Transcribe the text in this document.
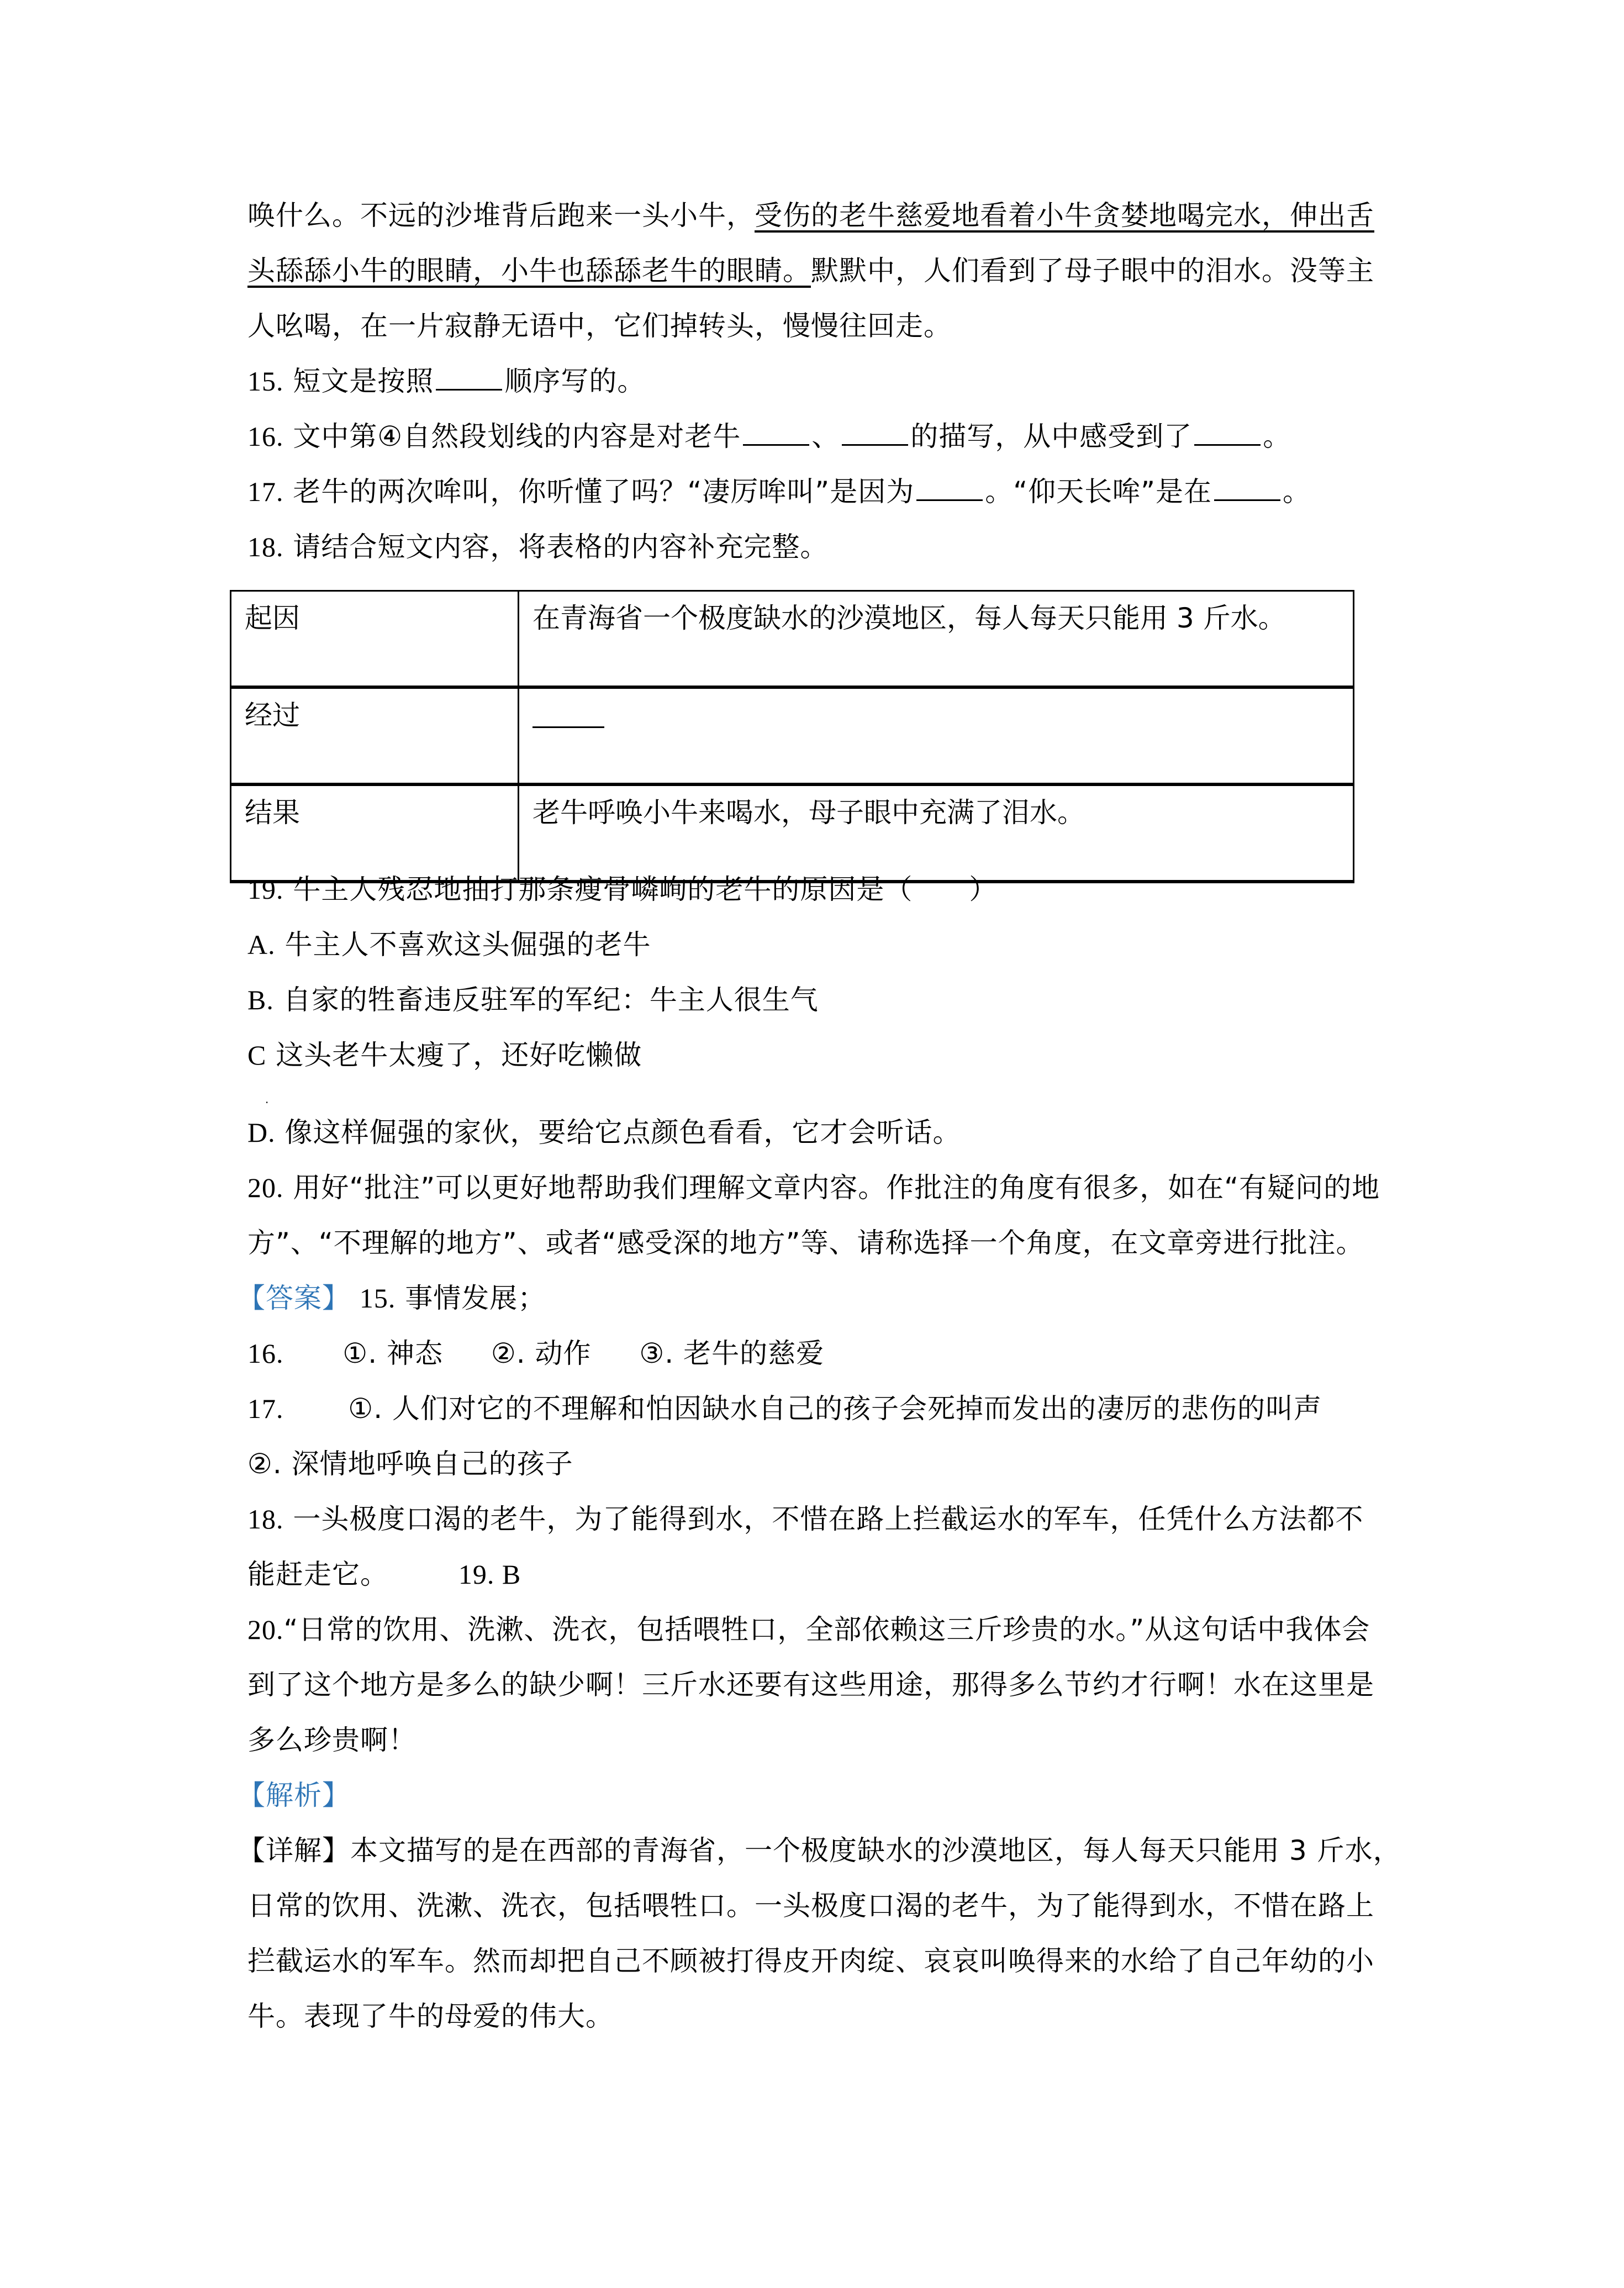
唤什么。不远的沙堆背后跑来一头小牛，受伤的老牛慈爱地看着小牛贪婪地喝完水，伸出舌
头舔舔小牛的眼睛，小牛也舔舔老牛的眼睛。默默中，人们看到了母子眼中的泪水。没等主
人吆喝，在一片寂静无语中，它们掉转头，慢慢往回走。
15. 短文是按照	顺序写的。
16. 文中第④自然段划线的内容是对老牛	、	的描写，从中感受到了	。
17. 老牛的两次哞叫，你听懂了吗？“凄厉哞叫”是因为	。“仰天长哞”是在	。
18. 请结合短文内容，将表格的内容补充完整。
起因	在青海省一个极度缺水的沙漠地区，每人每天只能用 3 斤水。
经过	
结果	老牛呼唤小牛来喝水，母子眼中充满了泪水。
19. 牛主人残忍地抽打那条瘦骨嶙峋的老牛的原因是（　　）
A. 牛主人不喜欢这头倔强的老牛
B. 自家的牲畜违反驻军的军纪：牛主人很生气
C 这头老牛太瘦了，还好吃懒做
.
D. 像这样倔强的家伙，要给它点颜色看看，它才会听话。
20. 用好“批注”可以更好地帮助我们理解文章内容。作批注的角度有很多，如在“有疑问的地
方”、“不理解的地方”、或者“感受深的地方”等、请称选择一个角度，在文章旁进行批注。
【答案】 15. 事情发展；
16. ①. 神态 ②. 动作 ③. 老牛的慈爱
17. ①. 人们对它的不理解和怕因缺水自己的孩子会死掉而发出的凄厉的悲伤的叫声
②. 深情地呼唤自己的孩子
18. 一头极度口渴的老牛，为了能得到水，不惜在路上拦截运水的军车，任凭什么方法都不
能赶走它。	19. B
20.“日常的饮用、洗漱、洗衣，包括喂牲口，全部依赖这三斤珍贵的水。”从这句话中我体会
到了这个地方是多么的缺少啊！三斤水还要有这些用途，那得多么节约才行啊！水在这里是
多么珍贵啊！
【解析】
【详解】本文描写的是在西部的青海省，一个极度缺水的沙漠地区，每人每天只能用 3 斤水，
日常的饮用、洗漱、洗衣，包括喂牲口。一头极度口渴的老牛，为了能得到水，不惜在路上
拦截运水的军车。然而却把自己不顾被打得皮开肉绽、哀哀叫唤得来的水给了自己年幼的小
牛。表现了牛的母爱的伟大。
